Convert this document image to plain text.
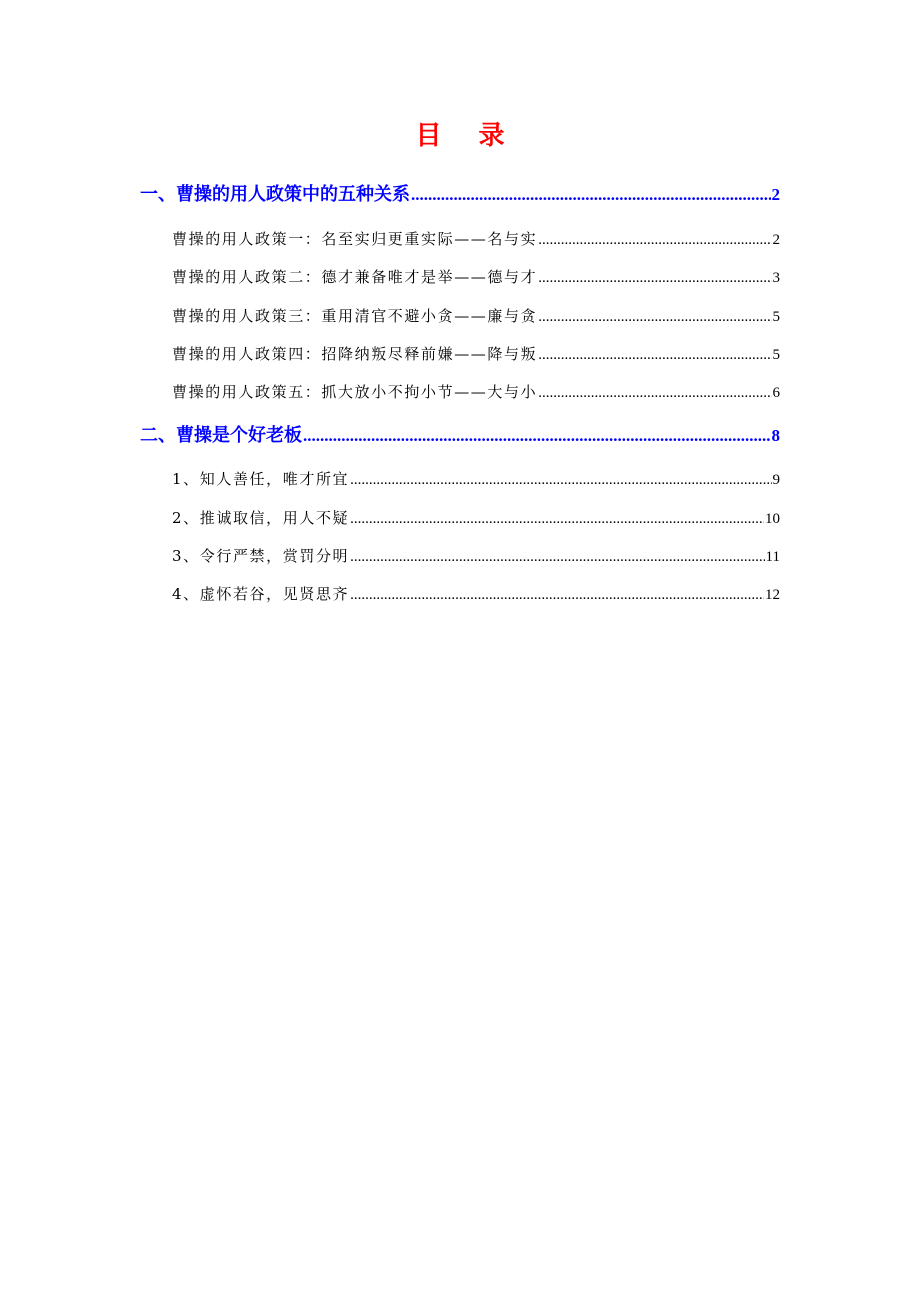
目 录
一、曹操的用人政策中的五种关系 .....	2
曹操的用人政策一：名至实归更重实际——名与实 .....	2
曹操的用人政策二：德才兼备唯才是举——德与才 .....	3
曹操的用人政策三：重用清官不避小贪——廉与贪 .....	5
曹操的用人政策四：招降纳叛尽释前嫌——降与叛 .....	5
曹操的用人政策五：抓大放小不拘小节——大与小 .....	6
二、曹操是个好老板 .....	8
1、知人善任，唯才所宜 .....	9
2、推诚取信，用人不疑 .....	10
3、令行严禁，赏罚分明 .....	11
4、虚怀若谷，见贤思齐 .....	12
